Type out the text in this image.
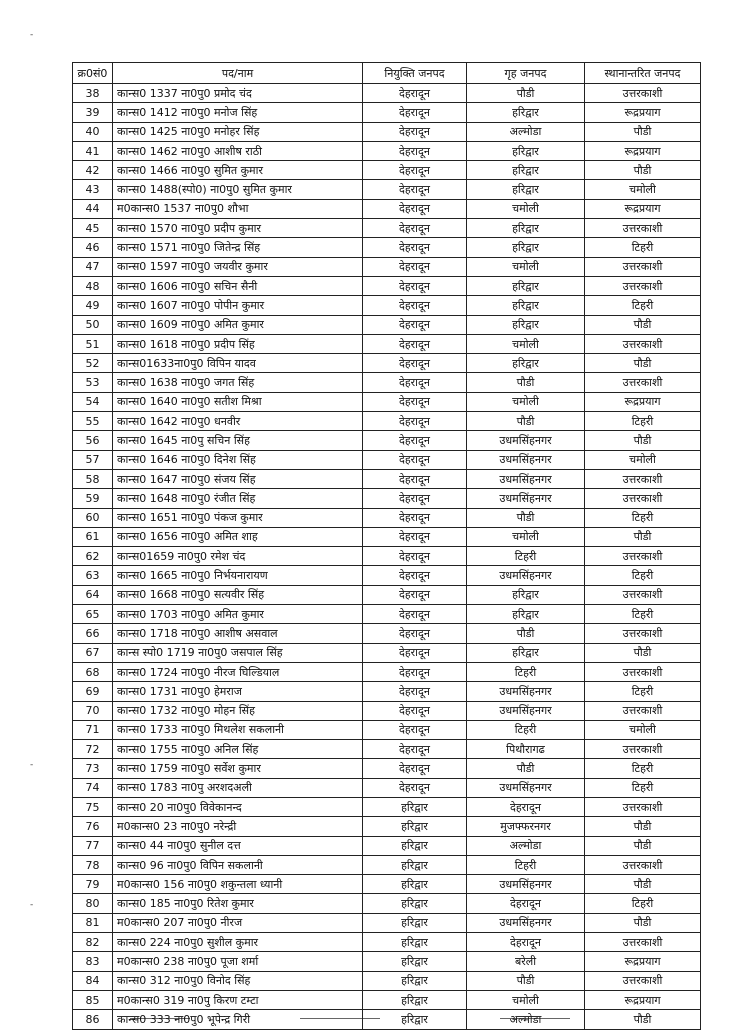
-
-
-
क्र0सं0	पद/नाम	नियुक्ति जनपद	गृह जनपद	स्थानान्तरित जनपद
38	कान्स0 1337 ना0पु0 प्रमोद चंद	देहरादून	पौडी	उत्तरकाशी
39	कान्स0 1412 ना0पु0 मनोज सिंह	देहरादून	हरिद्वार	रूद्रप्रयाग
40	कान्स0 1425 ना0पु0 मनोहर सिंह	देहरादून	अल्मोडा	पौडी
41	कान्स0 1462 ना0पु0 आशीष राठी	देहरादून	हरिद्वार	रूद्रप्रयाग
42	कान्स0 1466 ना0पु0 सुमित कुमार	देहरादून	हरिद्वार	पौडी
43	कान्स0 1488(स्पो0) ना0पु0 सुमित कुमार	देहरादून	हरिद्वार	चमोली
44	म0कान्स0 1537 ना0पु0 शौभा	देहरादून	चमोली	रूद्रप्रयाग
45	कान्स0 1570 ना0पु0 प्रदीप कुमार	देहरादून	हरिद्वार	उत्तरकाशी
46	कान्स0 1571 ना0पु0 जितेन्द्र सिंह	देहरादून	हरिद्वार	टिहरी
47	कान्स0 1597 ना0पु0 जयवीर कुमार	देहरादून	चमोली	उत्तरकाशी
48	कान्स0 1606 ना0पु0 सचिन सैनी	देहरादून	हरिद्वार	उत्तरकाशी
49	कान्स0 1607 ना0पु0 पोपीन कुमार	देहरादून	हरिद्वार	टिहरी
50	कान्स0 1609 ना0पु0 अमित कुमार	देहरादून	हरिद्वार	पौडी
51	कान्स0 1618 ना0पु0 प्रदीप सिंह	देहरादून	चमोली	उत्तरकाशी
52	कान्स01633ना0पु0 विपिन यादव	देहरादून	हरिद्वार	पौडी
53	कान्स0 1638 ना0पु0 जगत सिंह	देहरादून	पौडी	उत्तरकाशी
54	कान्स0 1640 ना0पु0 सतीश मिश्रा	देहरादून	चमोली	रूद्रप्रयाग
55	कान्स0 1642 ना0पु0 धनवीर	देहरादून	पौडी	टिहरी
56	कान्स0 1645 ना0पु सचिन सिंह	देहरादून	उधमसिंहनगर	पौडी
57	कान्स0 1646 ना0पु0 दिनेश सिंह	देहरादून	उधमसिंहनगर	चमोली
58	कान्स0 1647 ना0पु0 संजय सिंह	देहरादून	उधमसिंहनगर	उत्तरकाशी
59	कान्स0 1648 ना0पु0 रंजीत सिंह	देहरादून	उधमसिंहनगर	उत्तरकाशी
60	कान्स0 1651 ना0पु0 पंकज कुमार	देहरादून	पौडी	टिहरी
61	कान्स0 1656 ना0पु0 अमित शाह	देहरादून	चमोली	पौडी
62	कान्स01659 ना0पु0 रमेश चंद	देहरादून	टिहरी	उत्तरकाशी
63	कान्स0 1665 ना0पु0 निर्भयनारायण	देहरादून	उधमसिंहनगर	टिहरी
64	कान्स0 1668 ना0पु0 सत्यवीर सिंह	देहरादून	हरिद्वार	उत्तरकाशी
65	कान्स0 1703 ना0पु0 अमित कुमार	देहरादून	हरिद्वार	टिहरी
66	कान्स0 1718 ना0पु0 आशीष असवाल	देहरादून	पौडी	उत्तरकाशी
67	कान्स स्पो0 1719 ना0पु0 जसपाल सिंह	देहरादून	हरिद्वार	पौडी
68	कान्स0 1724 ना0पु0 नीरज घिल्डियाल	देहरादून	टिहरी	उत्तरकाशी
69	कान्स0 1731 ना0पु0 हेमराज	देहरादून	उधमसिंहनगर	टिहरी
70	कान्स0 1732 ना0पु0 मोहन सिंह	देहरादून	उधमसिंहनगर	उत्तरकाशी
71	कान्स0 1733 ना0पु0 मिथलेश सकलानी	देहरादून	टिहरी	चमोली
72	कान्स0 1755 ना0पु0 अनिल सिंह	देहरादून	पिथौरागढ	उत्तरकाशी
73	कान्स0 1759 ना0पु0 सर्वेश कुमार	देहरादून	पौडी	टिहरी
74	कान्स0 1783 ना0पु अरशदअली	देहरादून	उधमसिंहनगर	टिहरी
75	कान्स0 20 ना0पु0 विवेकानन्द	हरिद्वार	देहरादून	उत्तरकाशी
76	म0कान्स0 23 ना0पु0 नरेन्द्री	हरिद्वार	मुजफ्फरनगर	पौडी
77	कान्स0 44 ना0पु0 सुनील दत्त	हरिद्वार	अल्मोडा	पौडी
78	कान्स0 96 ना0पु0 विपिन सकलानी	हरिद्वार	टिहरी	उत्तरकाशी
79	म0कान्स0 156 ना0पु0 शकुन्तला ध्यानी	हरिद्वार	उधमसिंहनगर	पौडी
80	कान्स0 185 ना0पु0 रितेश कुमार	हरिद्वार	देहरादून	टिहरी
81	म0कान्स0 207 ना0पु0 नीरज	हरिद्वार	उधमसिंहनगर	पौडी
82	कान्स0 224 ना0पु0 सुशील कुमार	हरिद्वार	देहरादून	उत्तरकाशी
83	म0कान्स0 238 ना0पु0 पूजा शर्मा	हरिद्वार	बरेली	रूद्रप्रयाग
84	कान्स0 312 ना0पु0 विनोद सिंह	हरिद्वार	पौडी	उत्तरकाशी
85	म0कान्स0 319 ना0पु किरण टम्टा	हरिद्वार	चमोली	रूद्रप्रयाग
86	कान्स0 333 ना0पु0 भूपेन्द्र गिरी	हरिद्वार	अल्मोडा	पौडी
